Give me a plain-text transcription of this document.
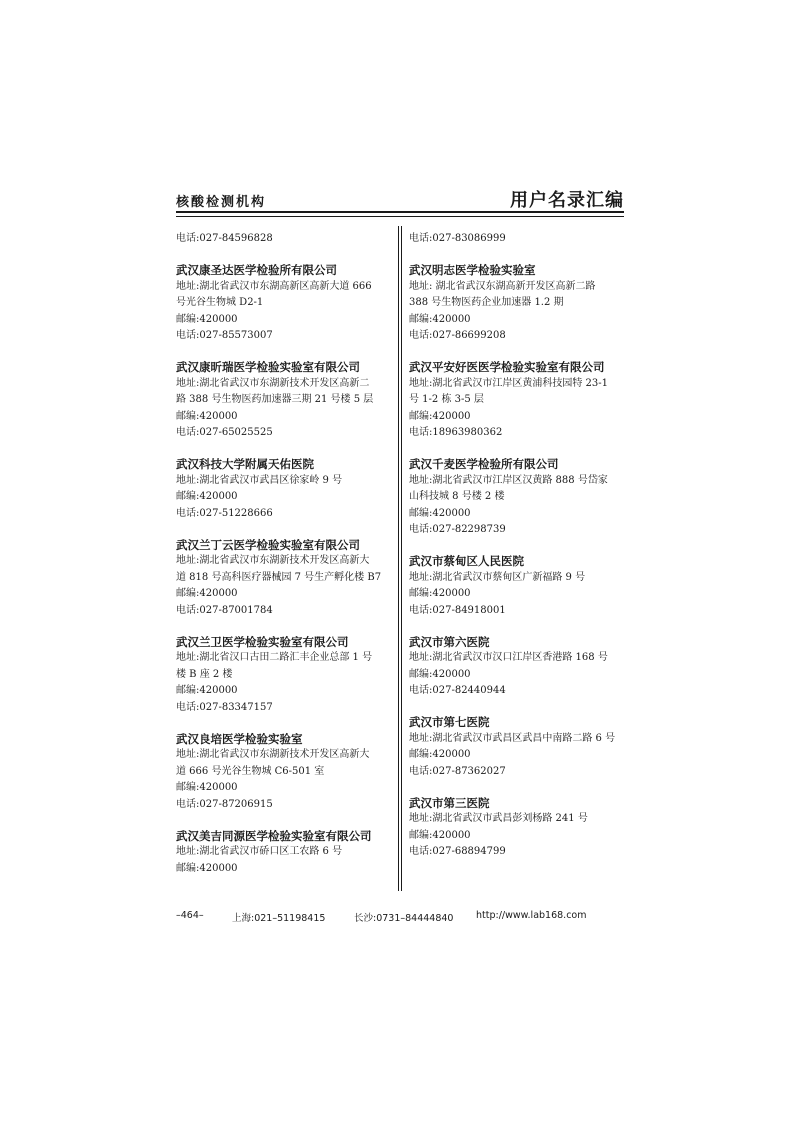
核酸检测机构	用户名录汇编
电话:027-84596828
武汉康圣达医学检验所有限公司
地址:湖北省武汉市东湖高新区高新大道 666
号光谷生物城 D2-1
邮编:420000
电话:027-85573007
武汉康昕瑞医学检验实验室有限公司
地址:湖北省武汉市东湖新技术开发区高新二
路 388 号生物医药加速器三期 21 号楼 5 层
邮编:420000
电话:027-65025525
武汉科技大学附属天佑医院
地址:湖北省武汉市武昌区徐家岭 9 号
邮编:420000
电话:027-51228666
武汉兰丁云医学检验实验室有限公司
地址:湖北省武汉市东湖新技术开发区高新大
道 818 号高科医疗器械园 7 号生产孵化楼 B7
邮编:420000
电话:027-87001784
武汉兰卫医学检验实验室有限公司
地址:湖北省汉口古田二路汇丰企业总部 1 号
楼 B 座 2 楼
邮编:420000
电话:027-83347157
武汉良培医学检验实验室
地址:湖北省武汉市东湖新技术开发区高新大
道 666 号光谷生物城 C6-501 室
邮编:420000
电话:027-87206915
武汉美吉同源医学检验实验室有限公司
地址:湖北省武汉市硚口区工农路 6 号
邮编:420000
电话:027-83086999
武汉明志医学检验实验室
地址: 湖北省武汉东湖高新开发区高新二路
388 号生物医药企业加速器 1.2 期
邮编:420000
电话:027-86699208
武汉平安好医医学检验实验室有限公司
地址:湖北省武汉市江岸区黄浦科技园特 23-1
号 1-2 栋 3-5 层
邮编:420000
电话:18963980362
武汉千麦医学检验所有限公司
地址:湖北省武汉市江岸区汉黄路 888 号岱家
山科技城 8 号楼 2 楼
邮编:420000
电话:027-82298739
武汉市蔡甸区人民医院
地址:湖北省武汉市蔡甸区广新福路 9 号
邮编:420000
电话:027-84918001
武汉市第六医院
地址:湖北省武汉市汉口江岸区香港路 168 号
邮编:420000
电话:027-82440944
武汉市第七医院
地址:湖北省武汉市武昌区武昌中南路二路 6 号
邮编:420000
电话:027-87362027
武汉市第三医院
地址:湖北省武汉市武昌彭刘杨路 241 号
邮编:420000
电话:027-68894799
–464–	上海:021–51198415	长沙:0731–84444840 http://www.lab168.com
